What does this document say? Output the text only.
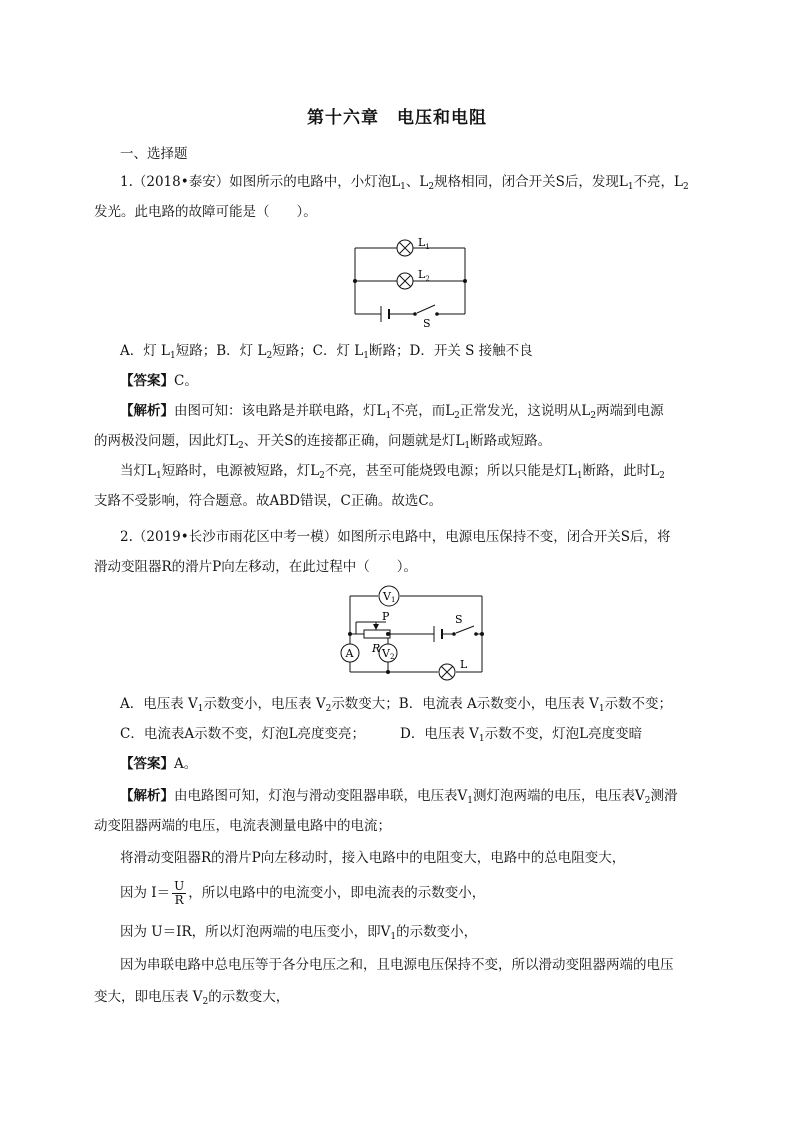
第十六章　电压和电阻
一、选择题
1.（2018•泰安）如图所示的电路中，小灯泡$L_1$、$L_2$规格相同，闭合开关S后，发现$L_1$不亮，$L_2$
发光。此电路的故障可能是（　　）。
$L_1$
$L_2$
S
A．灯 $L_1$短路；B．灯 $L_2$短路；C．灯 $L_1$断路；D．开关 S 接触不良
【答案】C。
【解析】由图可知：该电路是并联电路，灯$L_1$不亮，而$L_2$正常发光，这说明从$L_2$两端到电源
的两极没问题，因此灯$L_2$、开关S的连接都正确，问题就是灯$L_1$断路或短路。
当灯$L_1$短路时，电源被短路，灯$L_2$不亮，甚至可能烧毁电源；所以只能是灯$L_1$断路，此时$L_2$
支路不受影响，符合题意。故ABD错误，C正确。故选C。
2.（2019•长沙市雨花区中考一模）如图所示电路中，电源电压保持不变，闭合开关S后，将
滑动变阻器R的滑片P向左移动，在此过程中（　　）。
V1
A	V2
P
R
S
L
A．电压表 $V_1$示数变小，电压表 $V_2$示数变大；B．电流表 A示数变小，电压表 $V_1$示数不变；
C．电流表A示数不变，灯泡L亮度变亮；	D．电压表 $V_1$示数不变，灯泡L亮度变暗
【答案】A。
【解析】由电路图可知，灯泡与滑动变阻器串联，电压表$V_1$测灯泡两端的电压，电压表$V_2$测滑
动变阻器两端的电压，电流表测量电路中的电流；
将滑动变阻器R的滑片P向左移动时，接入电路中的电阻变大，电路中的总电阻变大，
因为 $I= \frac{U}{R}$ ，所以电路中的电流变小，即电流表的示数变小，
因为 U＝IR，所以灯泡两端的电压变小，即$V_1$的示数变小，
因为串联电路中总电压等于各分电压之和，且电源电压保持不变，所以滑动变阻器两端的电压
变大，即电压表 $V_2$的示数变大，
